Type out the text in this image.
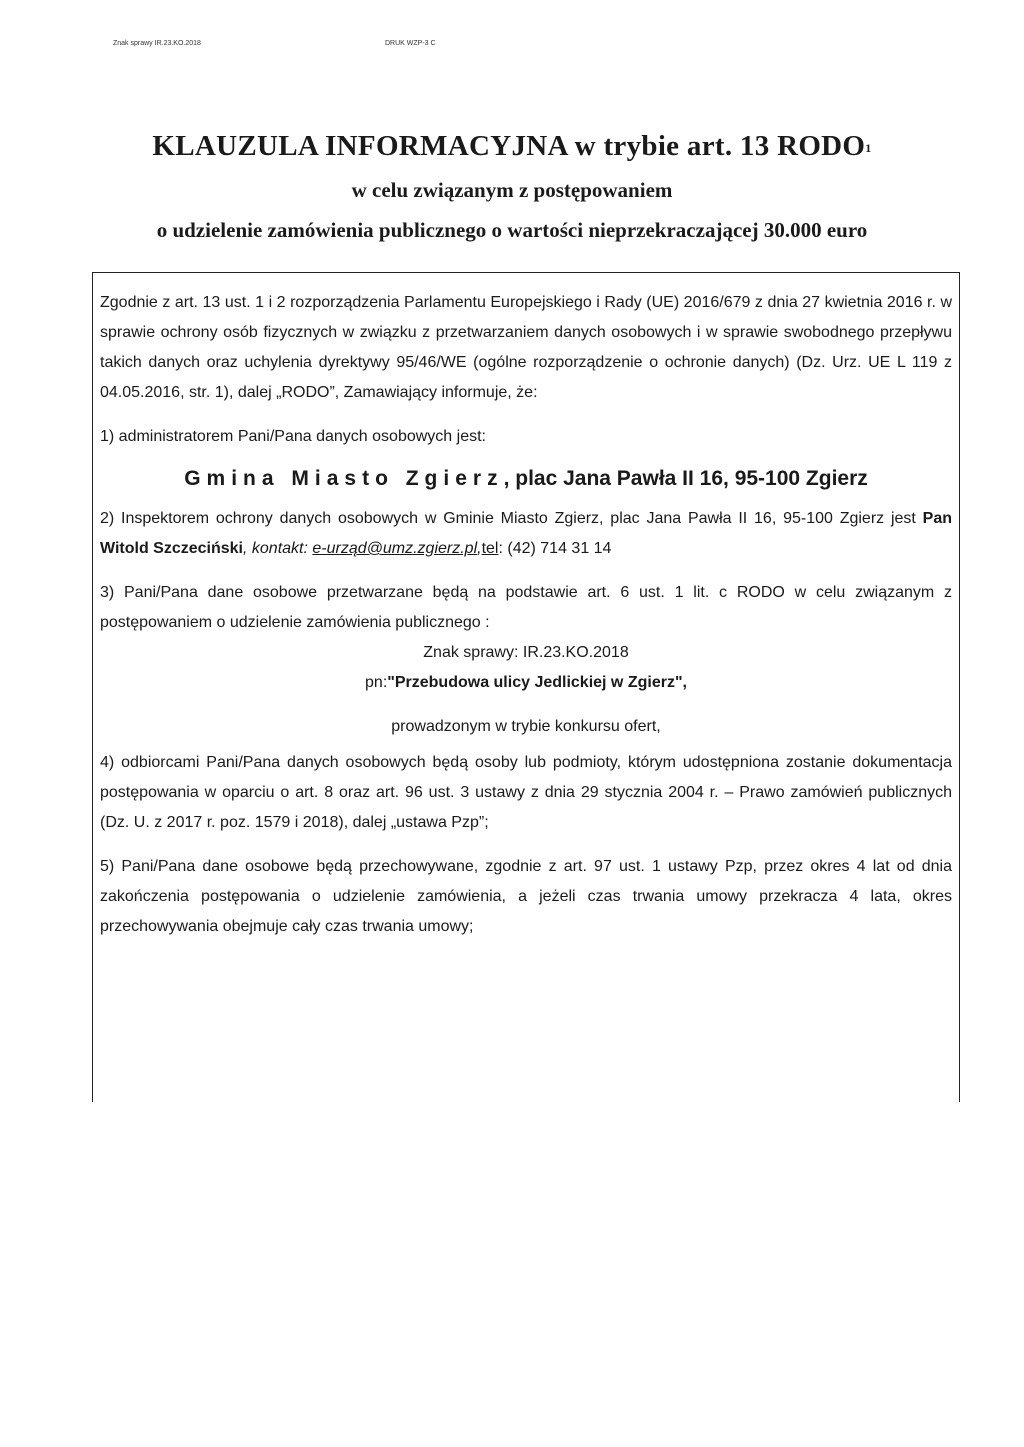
Znak sprawy IR.23.KO.2018	DRUK WZP-3 C
KLAUZULA INFORMACYJNA w trybie art. 13 RODO$^1$
w celu związanym z postępowaniem
o udzielenie zamówienia publicznego o wartości nieprzekraczającej 30.000 euro

Zgodnie z art. 13 ust. 1 i 2 rozporządzenia Parlamentu Europejskiego i Rady (UE) 2016/679 z dnia 27 kwietnia 2016 r. w sprawie ochrony osób fizycznych w związku z przetwarzaniem danych osobowych i w sprawie swobodnego przepływu takich danych oraz uchylenia dyrektywy 95/46/WE (ogólne rozporządzenie o ochronie danych) (Dz. Urz. UE L 119 z 04.05.2016, str. 1), dalej „RODO”, Zamawiający informuje, że:

1) administratorem Pani/Pana danych osobowych jest:

Gmina Miasto Zgierz, plac Jana Pawła II 16, 95-100 Zgierz

2) Inspektorem ochrony danych osobowych w Gminie Miasto Zgierz, plac Jana Pawła II 16, 95-100 Zgierz jest Pan Witold Szczeciński, kontakt: e-urząd@umz.zgierz.pl,tel: (42) 714 31 14

3) Pani/Pana dane osobowe przetwarzane będą na podstawie art. 6 ust. 1 lit. c RODO w celu związanym z postępowaniem o udzielenie zamówienia publicznego :

Znak sprawy: IR.23.KO.2018
pn:"Przebudowa ulicy Jedlickiej w Zgierz",
prowadzonym w trybie konkursu ofert,

4) odbiorcami Pani/Pana danych osobowych będą osoby lub podmioty, którym udostępniona zostanie dokumentacja postępowania w oparciu o art. 8 oraz art. 96 ust. 3 ustawy z dnia 29 stycznia 2004 r. – Prawo zamówień publicznych (Dz. U. z 2017 r. poz. 1579 i 2018), dalej „ustawa Pzp”;

5) Pani/Pana dane osobowe będą przechowywane, zgodnie z art. 97 ust. 1 ustawy Pzp, przez okres 4 lat od dnia zakończenia postępowania o udzielenie zamówienia, a jeżeli czas trwania umowy przekracza 4 lata, okres przechowywania obejmuje cały czas trwania umowy;
